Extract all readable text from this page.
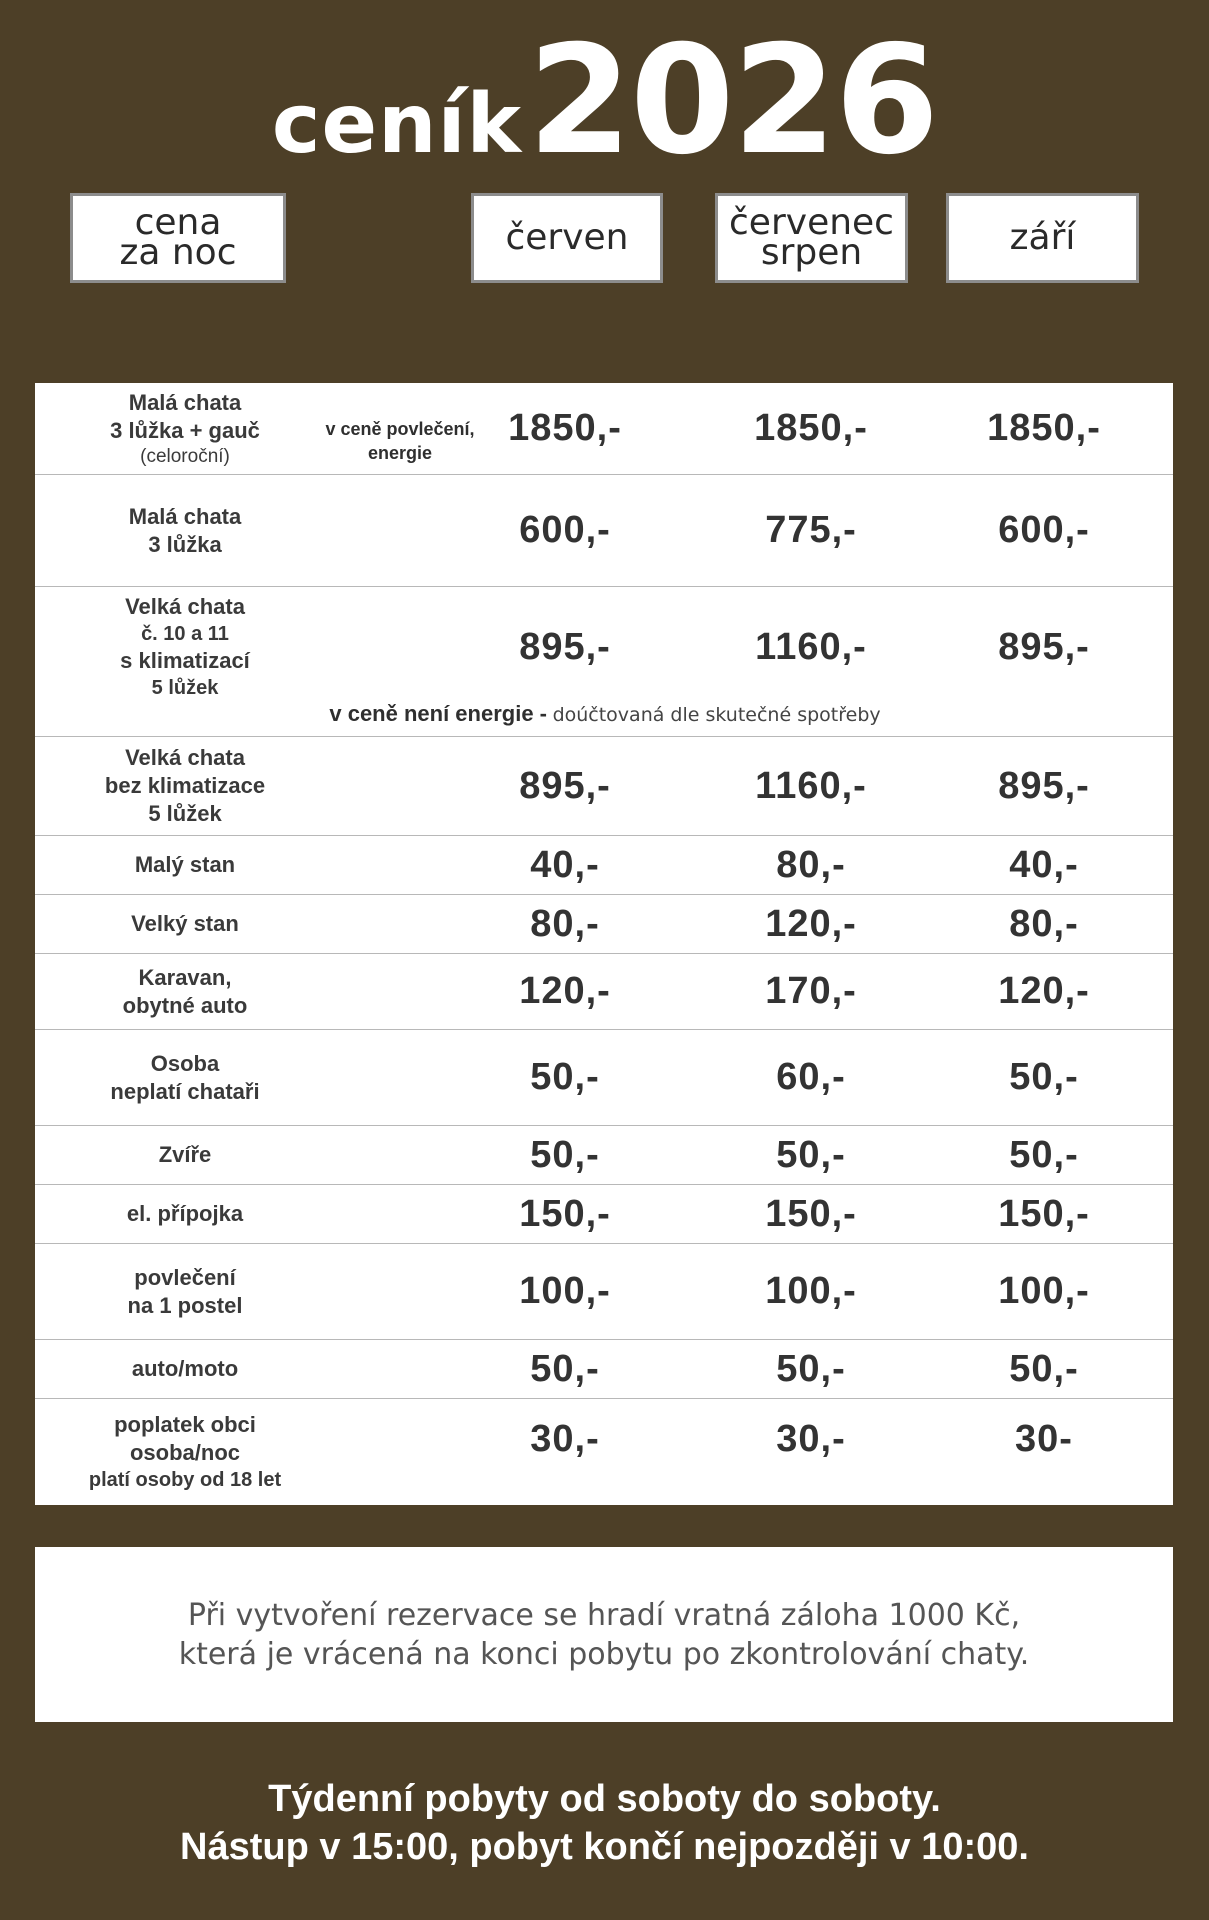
ceník 2026
cena
za noc	červen	červenec
srpen	září
Malá chata
3 lůžka + gauč
(celoroční)
v ceně povlečení,
energie
1850,-	1850,-	1850,-
Malá chata
3 lůžka	600,-	775,-	600,-
Velká chata
č. 10 a 11
s klimatizací
5 lůžek
895,-	1160,-	895,-
v ceně není energie - doúčtovaná dle skutečné spotřeby
Velká chata
bez klimatizace
5 lůžek
895,-	1160,-	895,-
Malý stan	40,-	80,-	40,-
Velký stan	80,-	120,-	80,-
Karavan,
obytné auto	120,-	170,-	120,-
Osoba
neplatí chataři	50,-	60,-	50,-
Zvíře	50,-	50,-	50,-
el. přípojka	150,-	150,-	150,-
povlečení
na 1 postel	100,-	100,-	100,-
auto/moto	50,-	50,-	50,-
poplatek obci
osoba/noc
platí osoby od 18 let
30,-	30,-	30-
Při vytvoření rezervace se hradí vratná záloha 1000 Kč,
která je vrácená na konci pobytu po zkontrolování chaty.
Týdenní pobyty od soboty do soboty.
Nástup v 15:00, pobyt končí nejpozději v 10:00.
